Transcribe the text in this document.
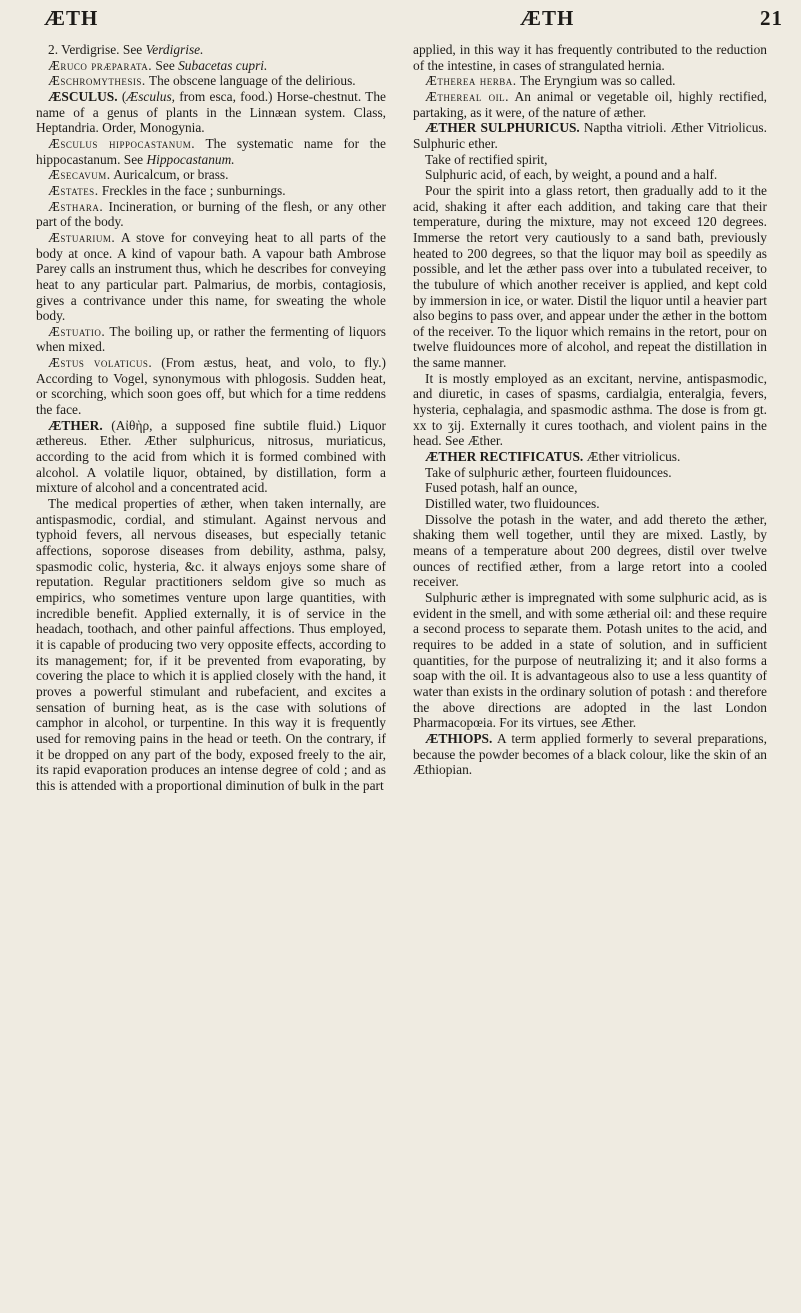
ÆTH	ÆTH	21

2. Verdigrise. See Verdigrise.

Æruco præparata. See Subacetas cupri.

Æschromythesis. The obscene language of the delirious.

ÆSCULUS. (Æsculus, from esca, food.) Horse-chestnut. The name of a genus of plants in the Linnæan system. Class, Heptandria. Order, Monogynia.

Æsculus hippocastanum. The systematic name for the hippocastanum. See Hippocastanum.

Æsecavum. Auricalcum, or brass.

Æstates. Freckles in the face ; sunburnings.

Æsthara. Incineration, or burning of the flesh, or any other part of the body.

Æstuarium. A stove for conveying heat to all parts of the body at once. A kind of vapour bath. A vapour bath Ambrose Parey calls an instrument thus, which he describes for conveying heat to any particular part. Palmarius, de morbis, contagiosis, gives a contrivance under this name, for sweating the whole body.

Æstuatio. The boiling up, or rather the fermenting of liquors when mixed.

Æstus volaticus. (From æstus, heat, and volo, to fly.) According to Vogel, synonymous with phlogosis. Sudden heat, or scorching, which soon goes off, but which for a time reddens the face.

ÆTHER. (Αἰθὴρ, a supposed fine subtile fluid.) Liquor æthereus. Ether. Æther sulphuricus, nitrosus, muriaticus, according to the acid from which it is formed combined with alcohol. A volatile liquor, obtained, by distillation, form a mixture of alcohol and a concentrated acid.

The medical properties of æther, when taken internally, are antispasmodic, cordial, and stimulant. Against nervous and typhoid fevers, all nervous diseases, but especially tetanic affections, soporose diseases from debility, asthma, palsy, spasmodic colic, hysteria, &c. it always enjoys some share of reputation. Regular practitioners seldom give so much as empirics, who sometimes venture upon large quantities, with incredible benefit. Applied externally, it is of service in the headach, toothach, and other painful affections. Thus employed, it is capable of producing two very opposite effects, according to its management; for, if it be prevented from evaporating, by covering the place to which it is applied closely with the hand, it proves a powerful stimulant and rubefacient, and excites a sensation of burning heat, as is the case with solutions of camphor in alcohol, or turpentine. In this way it is frequently used for removing pains in the head or teeth. On the contrary, if it be dropped on any part of the body, exposed freely to the air, its rapid evaporation produces an intense degree of cold ; and as this is attended with a proportional diminution of bulk in the part

applied, in this way it has frequently contributed to the reduction of the intestine, in cases of strangulated hernia.

Ætherea herba. The Eryngium was so called.

Æthereal oil. An animal or vegetable oil, highly rectified, partaking, as it were, of the nature of æther.

ÆTHER SULPHURICUS. Naptha vitrioli. Æther Vitriolicus. Sulphuric ether.

Take of rectified spirit,

Sulphuric acid, of each, by weight, a pound and a half.

Pour the spirit into a glass retort, then gradually add to it the acid, shaking it after each addition, and taking care that their temperature, during the mixture, may not exceed 120 degrees. Immerse the retort very cautiously to a sand bath, previously heated to 200 degrees, so that the liquor may boil as speedily as possible, and let the æther pass over into a tubulated receiver, to the tubulure of which another receiver is applied, and kept cold by immersion in ice, or water. Distil the liquor until a heavier part also begins to pass over, and appear under the æther in the bottom of the receiver. To the liquor which remains in the retort, pour on twelve fluidounces more of alcohol, and repeat the distillation in the same manner.

It is mostly employed as an excitant, nervine, antispasmodic, and diuretic, in cases of spasms, cardialgia, enteralgia, fevers, hysteria, cephalagia, and spasmodic asthma. The dose is from gt. xx to ʒij. Externally it cures toothach, and violent pains in the head. See Æther.

ÆTHER RECTIFICATUS. Æther vitriolicus.

Take of sulphuric æther, fourteen fluidounces.

Fused potash, half an ounce,

Distilled water, two fluidounces.

Dissolve the potash in the water, and add thereto the æther, shaking them well together, until they are mixed. Lastly, by means of a temperature about 200 degrees, distil over twelve ounces of rectified æther, from a large retort into a cooled receiver.

Sulphuric æther is impregnated with some sulphuric acid, as is evident in the smell, and with some ætherial oil: and these require a second process to separate them. Potash unites to the acid, and requires to be added in a state of solution, and in sufficient quantities, for the purpose of neutralizing it; and it also forms a soap with the oil. It is advantageous also to use a less quantity of water than exists in the ordinary solution of potash : and therefore the above directions are adopted in the last London Pharmacopœia. For its virtues, see Æther.

ÆTHIOPS. A term applied formerly to several preparations, because the powder becomes of a black colour, like the skin of an Æthiopian.
